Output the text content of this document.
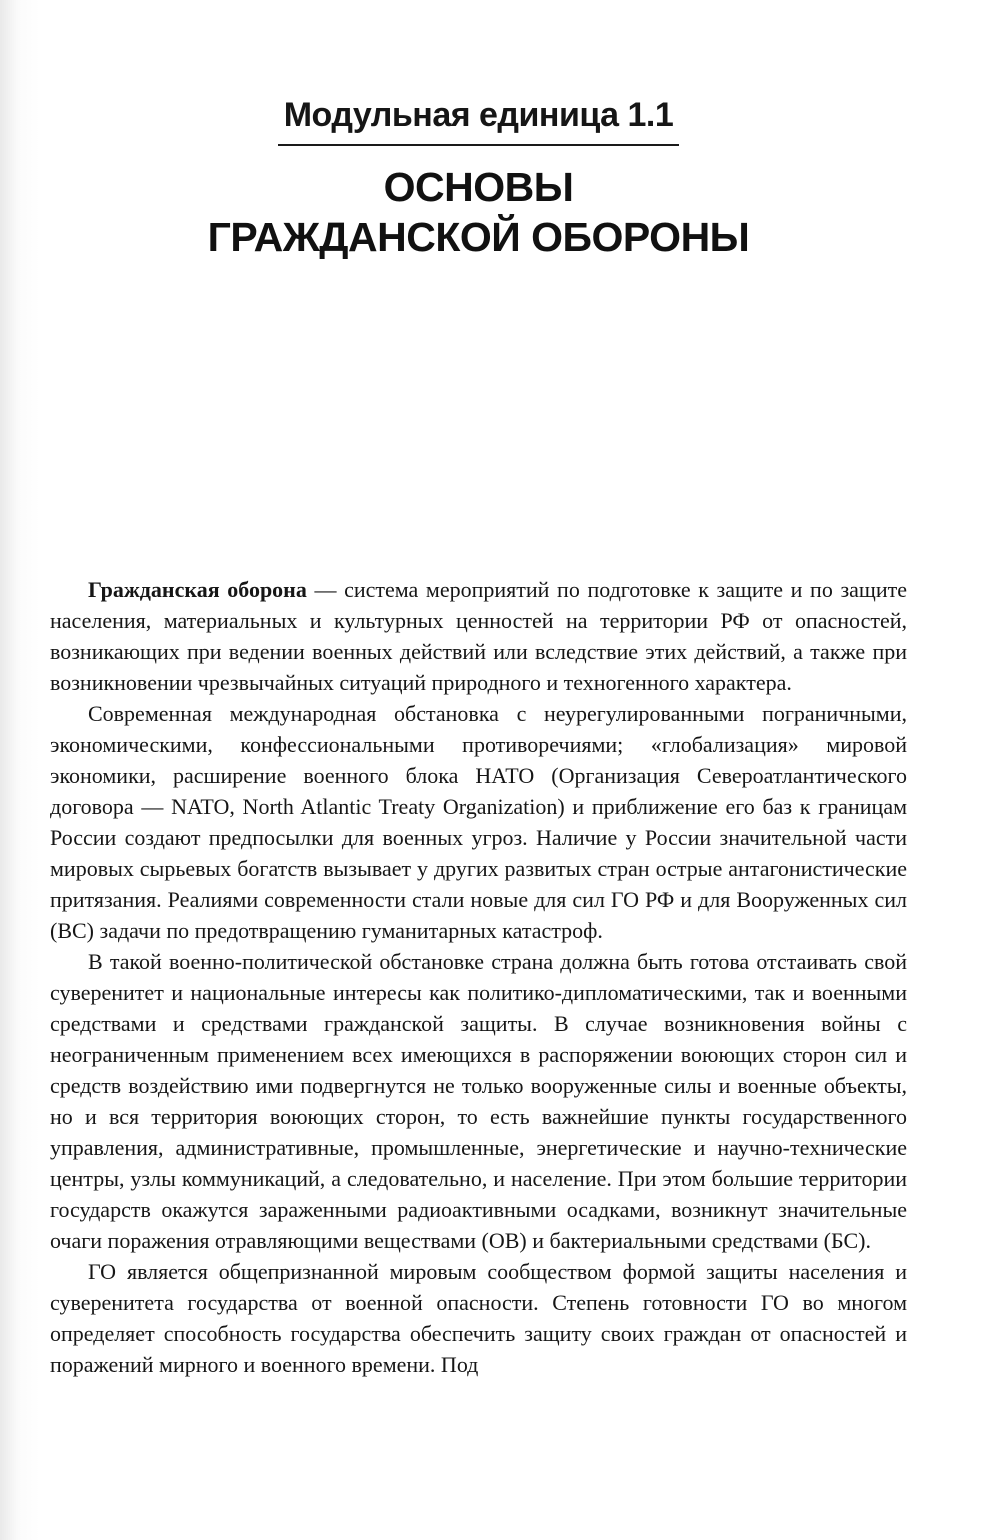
Модульная единица 1.1
ОСНОВЫ
ГРАЖДАНСКОЙ ОБОРОНЫ

Гражданская оборона — система мероприятий по подготовке к защите и по защите населения, материальных и культурных ценностей на территории РФ от опасностей, возникающих при ведении военных действий или вследствие этих действий, а также при возникновении чрезвычайных ситуаций природного и техногенного характера.

Современная международная обстановка с неурегулированными пограничными, экономическими, конфессиональными противоречиями; «глобализация» мировой экономики, расширение военного блока НАТО (Организация Североатлантического договора — NATO, North Atlantic Treaty Organization) и приближение его баз к границам России создают предпосылки для военных угроз. Наличие у России значительной части мировых сырьевых богатств вызывает у других развитых стран острые антагонистические притязания. Реалиями современности стали новые для сил ГО РФ и для Вооруженных сил (ВС) задачи по предотвращению гуманитарных катастроф.

В такой военно-политической обстановке страна должна быть готова отстаивать свой суверенитет и национальные интересы как политико-дипломатическими, так и военными средствами и средствами гражданской защиты. В случае возникновения войны с неограниченным применением всех имеющихся в распоряжении воюющих сторон сил и средств воздействию ими подвергнутся не только вооруженные силы и военные объекты, но и вся территория воюющих сторон, то есть важнейшие пункты государственного управления, административные, промышленные, энергетические и научно-технические центры, узлы коммуникаций, а следовательно, и население. При этом большие территории государств окажутся зараженными радиоактивными осадками, возникнут значительные очаги поражения отравляющими веществами (ОВ) и бактериальными средствами (БС).

ГО является общепризнанной мировым сообществом формой защиты населения и суверенитета государства от военной опасности. Степень готовности ГО во многом определяет способность государства обеспечить защиту своих граждан от опасностей и поражений мирного и военного времени. Под
